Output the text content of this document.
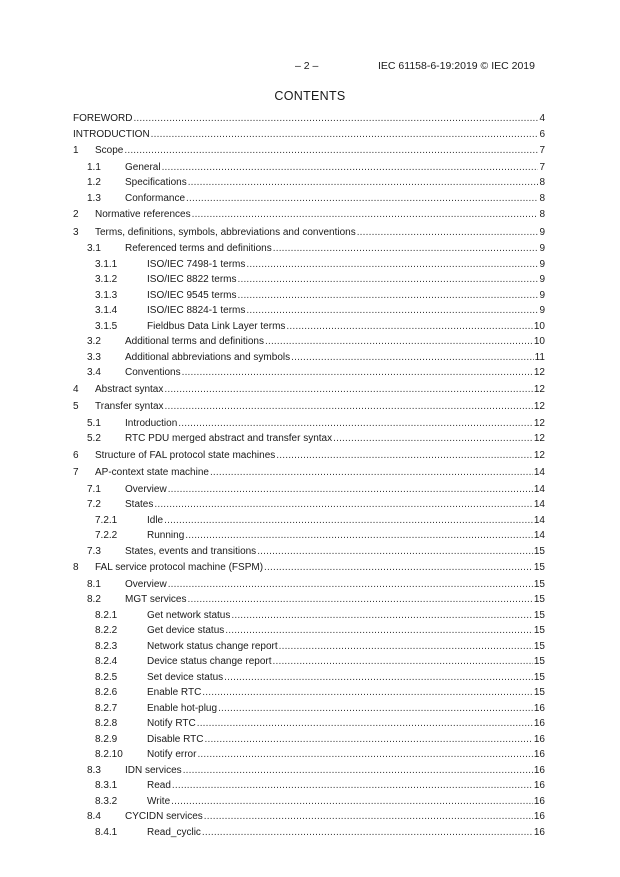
– 2 –	IEC 61158-6-19:2019 © IEC 2019
CONTENTS
FOREWORD .....	4
INTRODUCTION .....	6
1	Scope .....	7
1.1	General .....	7
1.2	Specifications .....	8
1.3	Conformance .....	8
2	Normative references .....	8
3	Terms, definitions, symbols, abbreviations and conventions .....	9
3.1	Referenced terms and definitions .....	9
3.1.1	ISO/IEC 7498-1 terms .....	9
3.1.2	ISO/IEC 8822 terms .....	9
3.1.3	ISO/IEC 9545 terms .....	9
3.1.4	ISO/IEC 8824-1 terms .....	9
3.1.5	Fieldbus Data Link Layer terms .....	10
3.2	Additional terms and definitions .....	10
3.3	Additional abbreviations and symbols .....	11
3.4	Conventions .....	12
4	Abstract syntax .....	12
5	Transfer syntax .....	12
5.1	Introduction .....	12
5.2	RTC PDU merged abstract and transfer syntax .....	12
6	Structure of FAL protocol state machines .....	12
7	AP-context state machine .....	14
7.1	Overview .....	14
7.2	States .....	14
7.2.1	Idle .....	14
7.2.2	Running .....	14
7.3	States, events and transitions .....	15
8	FAL service protocol machine (FSPM) .....	15
8.1	Overview .....	15
8.2	MGT services .....	15
8.2.1	Get network status .....	15
8.2.2	Get device status .....	15
8.2.3	Network status change report .....	15
8.2.4	Device status change report .....	15
8.2.5	Set device status .....	15
8.2.6	Enable RTC .....	15
8.2.7	Enable hot-plug .....	16
8.2.8	Notify RTC .....	16
8.2.9	Disable RTC .....	16
8.2.10	Notify error .....	16
8.3	IDN services .....	16
8.3.1	Read .....	16
8.3.2	Write .....	16
8.4	CYCIDN services .....	16
8.4.1	Read_cyclic .....	16
